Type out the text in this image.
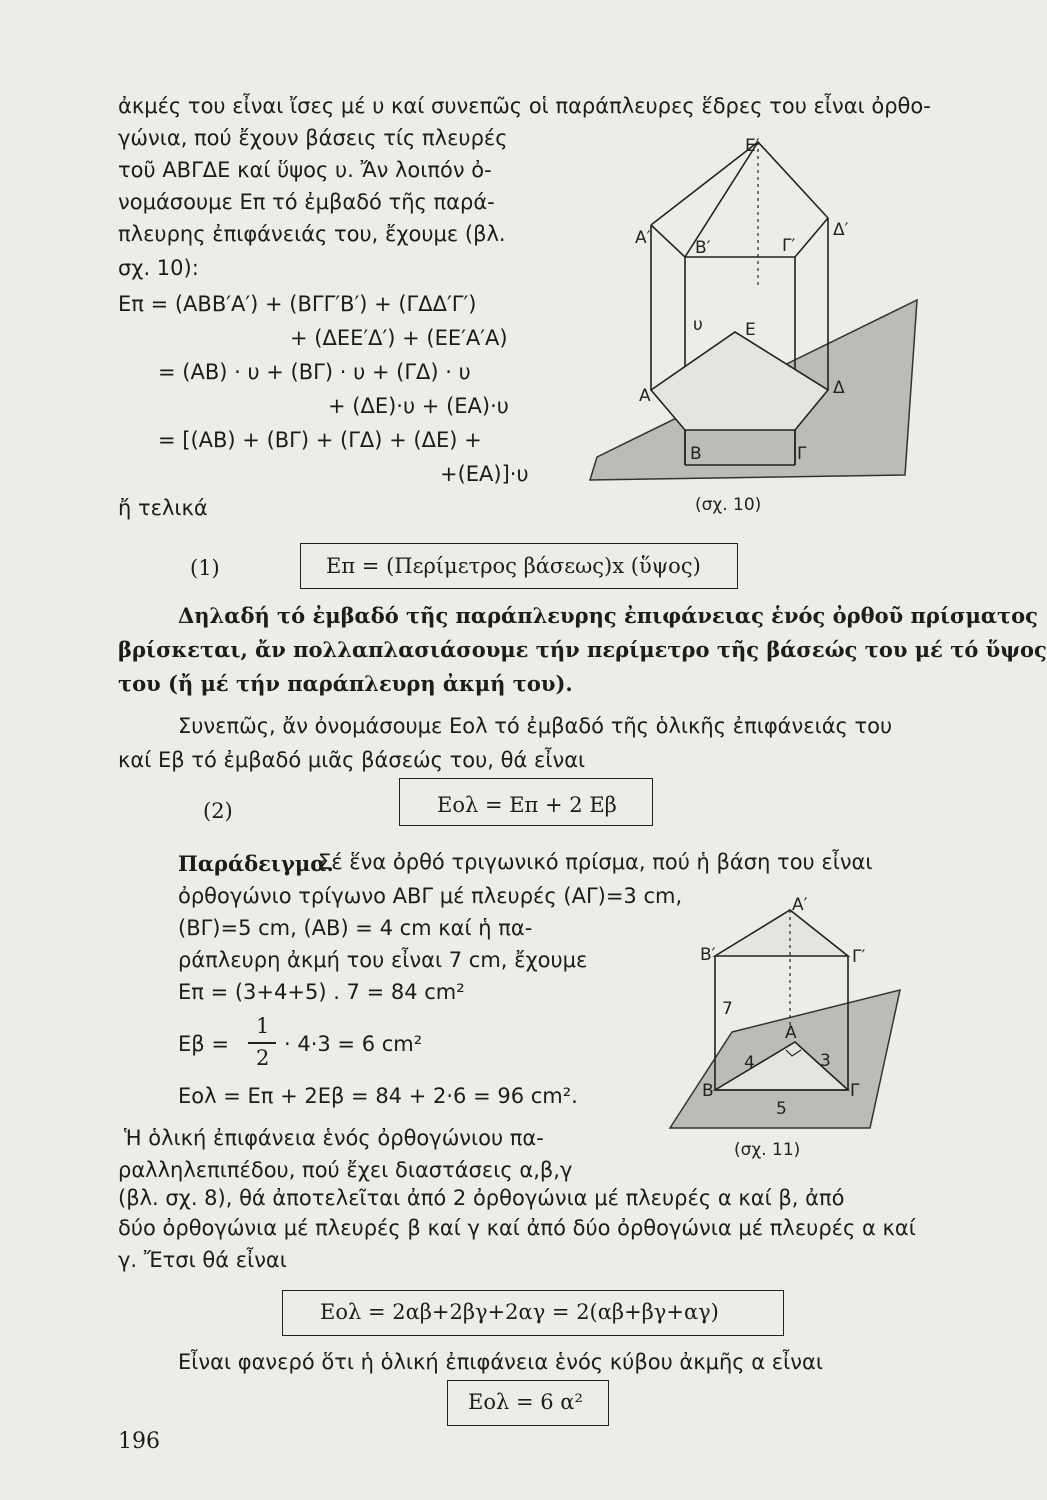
ἀκμές του εἶναι ἴσες μέ υ καί συνεπῶς οἱ παράπλευρες ἕδρες του εἶναι ὀρθο-
γώνια, πού ἔχουν βάσεις τίς πλευρές
τοῦ ΑΒΓΔΕ καί ὕψος υ. Ἄν λοιπόν ὀ-
νομάσουμε Επ τό ἐμβαδό τῆς παρά-
πλευρης ἐπιφάνειάς του, ἔχουμε (βλ.
σχ. 10):
Επ = (ΑΒΒ′Α′) + (ΒΓΓ′Β′) + (ΓΔΔ′Γ′)
+ (ΔΕΕ′Δ′) + (ΕΕ′Α′Α)
= (ΑΒ) · υ + (ΒΓ) · υ + (ΓΔ) · υ
+ (ΔΕ)·υ + (ΕΑ)·υ
= [(ΑΒ) + (ΒΓ) + (ΓΔ) + (ΔΕ) +
+(ΕΑ)]·υ
ἤ τελικά
Ε′
Α′	Δ′
Β′	Γ′
υ Ε
Α	Δ
Β	Γ
(σχ. 10)
(1)	Επ = (Περίμετρος βάσεως)x (ὕψος)
Δηλαδή τό ἐμβαδό τῆς παράπλευρης ἐπιφάνειας ἑνός ὀρθοῦ πρίσματος
βρίσκεται, ἄν πολλαπλασιάσουμε τήν περίμετρο τῆς βάσεώς του μέ τό ὕψος
του (ἤ μέ τήν παράπλευρη ἀκμή του).
Συνεπῶς, ἄν ὀνομάσουμε Εολ τό ἐμβαδό τῆς ὁλικῆς ἐπιφάνειάς του
καί Εβ τό ἐμβαδό μιᾶς βάσεώς του, θά εἶναι
(2)	Εολ = Επ + 2 Εβ
Παράδειγμα.
Σέ ἕνα ὀρθό τριγωνικό πρίσμα, πού ἡ βάση του εἶναι
ὀρθογώνιο τρίγωνο ΑΒΓ μέ πλευρές (ΑΓ)=3 cm,
(ΒΓ)=5 cm, (ΑΒ) = 4 cm καί ἡ πα-
ράπλευρη ἀκμή του εἶναι 7 cm, ἔχουμε
Επ = (3+4+5) . 7 = 84 cm²
Εβ =
1
2
· 4·3 = 6 cm²
Εολ = Επ + 2Εβ = 84 + 2·6 = 96 cm².
Α′
Β′	Γ′
7
Α
4	3
Β	Γ
5
(σχ. 11)
Ἡ ὁλική ἐπιφάνεια ἑνός ὀρθογώνιου πα-
ραλληλεπιπέδου, πού ἔχει διαστάσεις α,β,γ
(βλ. σχ. 8), θά ἀποτελεῖται ἀπό 2 ὀρθογώνια μέ πλευρές α καί β, ἀπό
δύο ὀρθογώνια μέ πλευρές β καί γ καί ἀπό δύο ὀρθογώνια μέ πλευρές α καί
γ. Ἔτσι θά εἶναι
Εολ = 2αβ+2βγ+2αγ = 2(αβ+βγ+αγ)
Εἶναι φανερό ὅτι ἡ ὁλική ἐπιφάνεια ἑνός κύβου ἀκμῆς α εἶναι
Εολ = 6 α²
196
